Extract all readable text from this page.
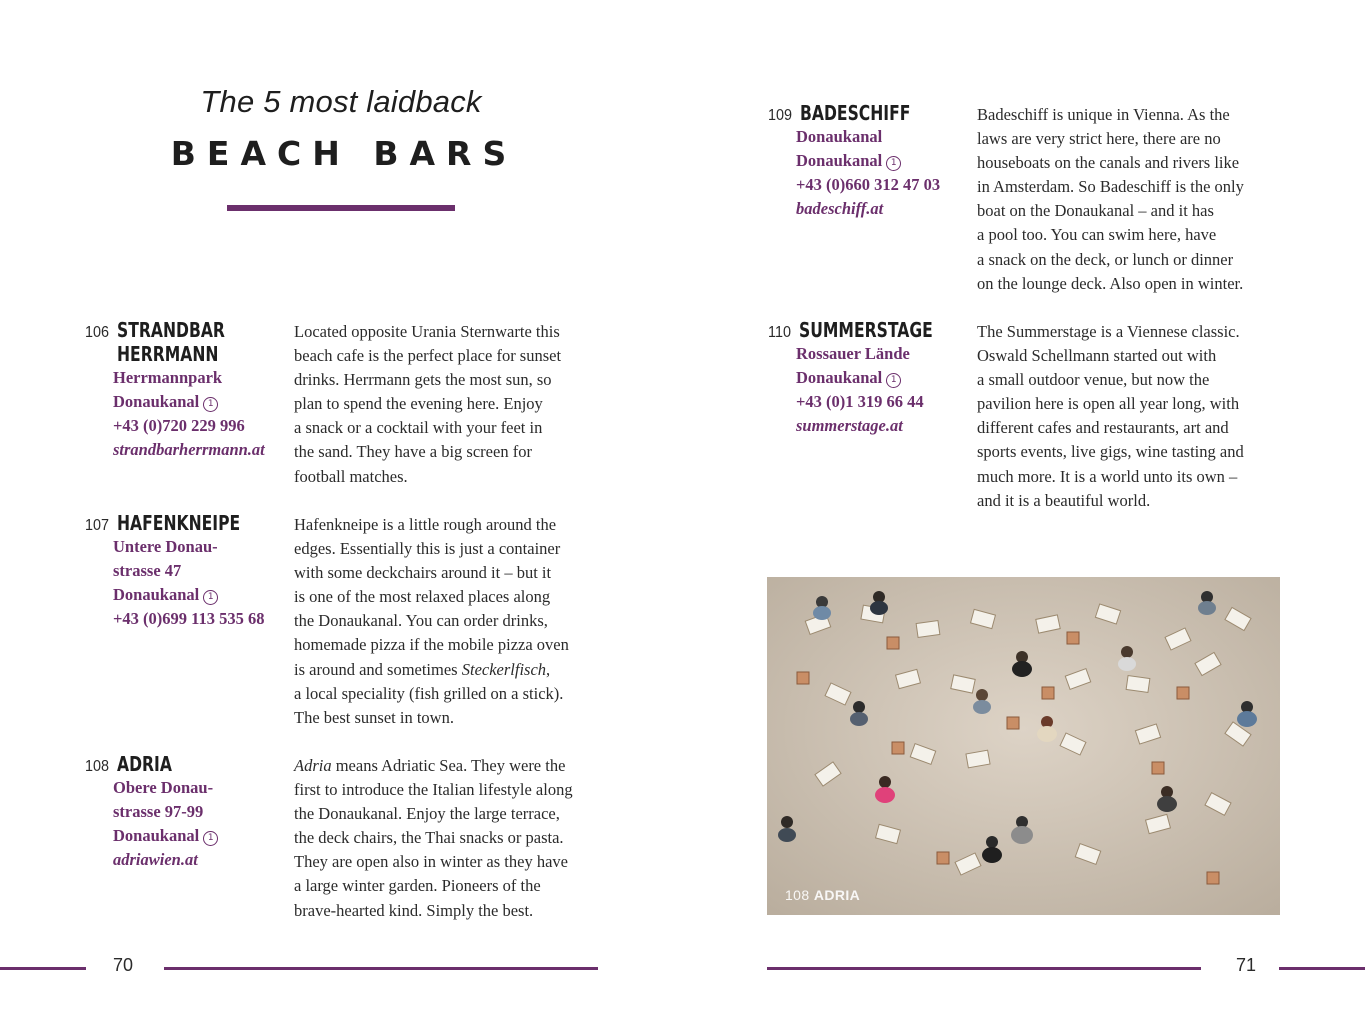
The 5 most laidback
BEACH BARS
106 STRANDBAR
HERRMANN
Herrmannpark
Donaukanal 1
+43 (0)720 229 996
strandbarherrmann.at
Located opposite Urania Sternwarte this
beach cafe is the perfect place for sunset
drinks. Herrmann gets the most sun, so
plan to spend the evening here. Enjoy
a snack or a cocktail with your feet in
the sand. They have a big screen for
football matches.
107 HAFENKNEIPE
Untere Donau-
strasse 47
Donaukanal 1
+43 (0)699 113 535 68
Hafenkneipe is a little rough around the
edges. Essentially this is just a container
with some deckchairs around it – but it
is one of the most relaxed places along
the Donaukanal. You can order drinks,
homemade pizza if the mobile pizza oven
is around and sometimes Steckerlfisch,
a local speciality (fish grilled on a stick).
The best sunset in town.
108 ADRIA
Obere Donau-
strasse 97-99
Donaukanal 1
adriawien.at
Adria means Adriatic Sea. They were the
first to introduce the Italian lifestyle along
the Donaukanal. Enjoy the large terrace,
the deck chairs, the Thai snacks or pasta.
They are open also in winter as they have
a large winter garden. Pioneers of the
brave-hearted kind. Simply the best.
109 BADESCHIFF
Donaukanal
Donaukanal 1
+43 (0)660 312 47 03
badeschiff.at
Badeschiff is unique in Vienna. As the
laws are very strict here, there are no
houseboats on the canals and rivers like
in Amsterdam. So Badeschiff is the only
boat on the Donaukanal – and it has
a pool too. You can swim here, have
a snack on the deck, or lunch or dinner
on the lounge deck. Also open in winter.
110 SUMMERSTAGE
Rossauer Lände
Donaukanal 1
+43 (0)1 319 66 44
summerstage.at
The Summerstage is a Viennese classic.
Oswald Schellmann started out with
a small outdoor venue, but now the
pavilion here is open all year long, with
different cafes and restaurants, art and
sports events, live gigs, wine tasting and
much more. It is a world unto its own –
and it is a beautiful world.
108 ADRIA
70	71
